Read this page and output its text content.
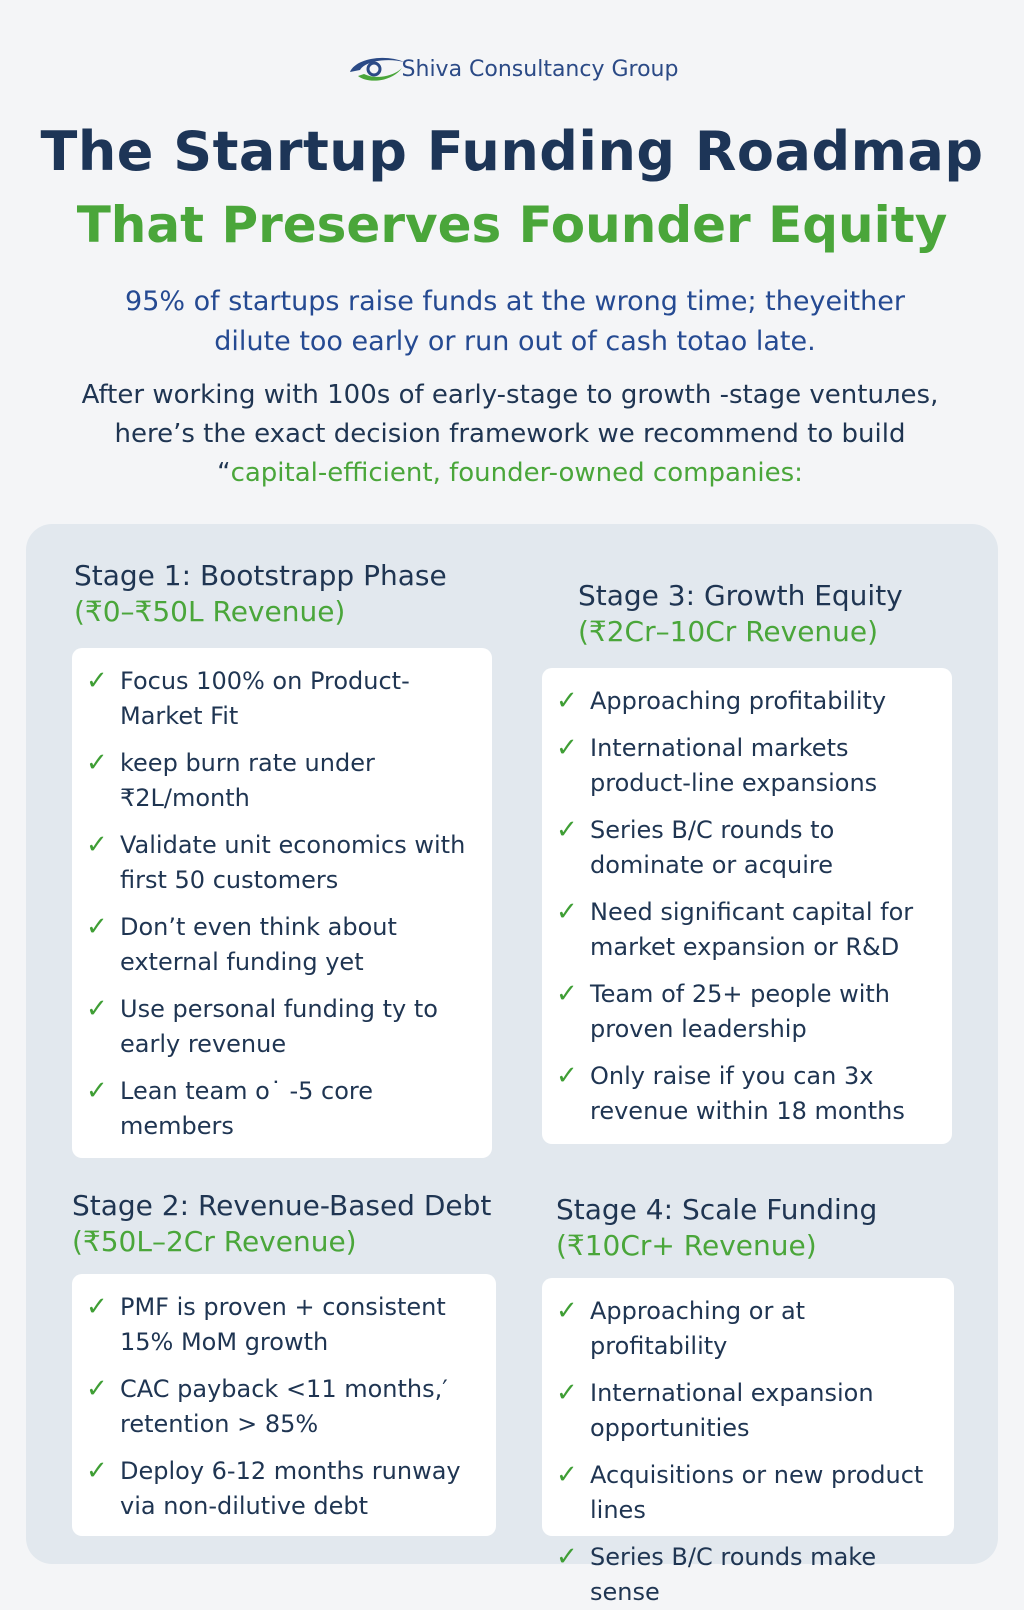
Shiva Consultancy Group
The Startup Funding Roadmap
That Preserves Founder Equity
95% of startups raise funds at the wrong time; theyeither
dilute too early or run out of cash totao late.
After working with 100s of early-stage to growth -stage ventuлes,
here’s the exact decision framework we recommend to build
“capital-efficient, founder-owned companies:
Stage 1: Bootstrapp Phase
(₹0–₹50L Revenue)
✓ Focus 100% on Product-Market Fit
✓ keep burn rate under ₹2L/month
✓ Validate unit economics with first 50 customers
✓ Don’t even think about external funding yet
✓ Use personal funding ty to early revenue
✓ Lean team o˙ -5 core members
Stage 3: Growth Equity
(₹2Cr–10Cr Revenue)
✓ Approaching profitability
✓ International markets product-line expansions
✓ Series B/C rounds to dominate or acquire
✓ Need significant capital for market expansion or R&D
✓ Team of 25+ people with proven leadership
✓ Only raise if you can 3x revenue within 18 months
Stage 2: Revenue-Based Debt
(₹50L–2Cr Revenue)
✓ PMF is proven + consistent 15% MoM growth
✓ CAC payback <11 months,′ retention > 85%
✓ Deploy 6-12 months runway via non-dilutive debt
Stage 4: Scale Funding
(₹10Cr+ Revenue)
✓ Approaching or at profitability
✓ International expansion opportunities
✓ Acquisitions or new product lines
✓ Series B/C rounds make sense
